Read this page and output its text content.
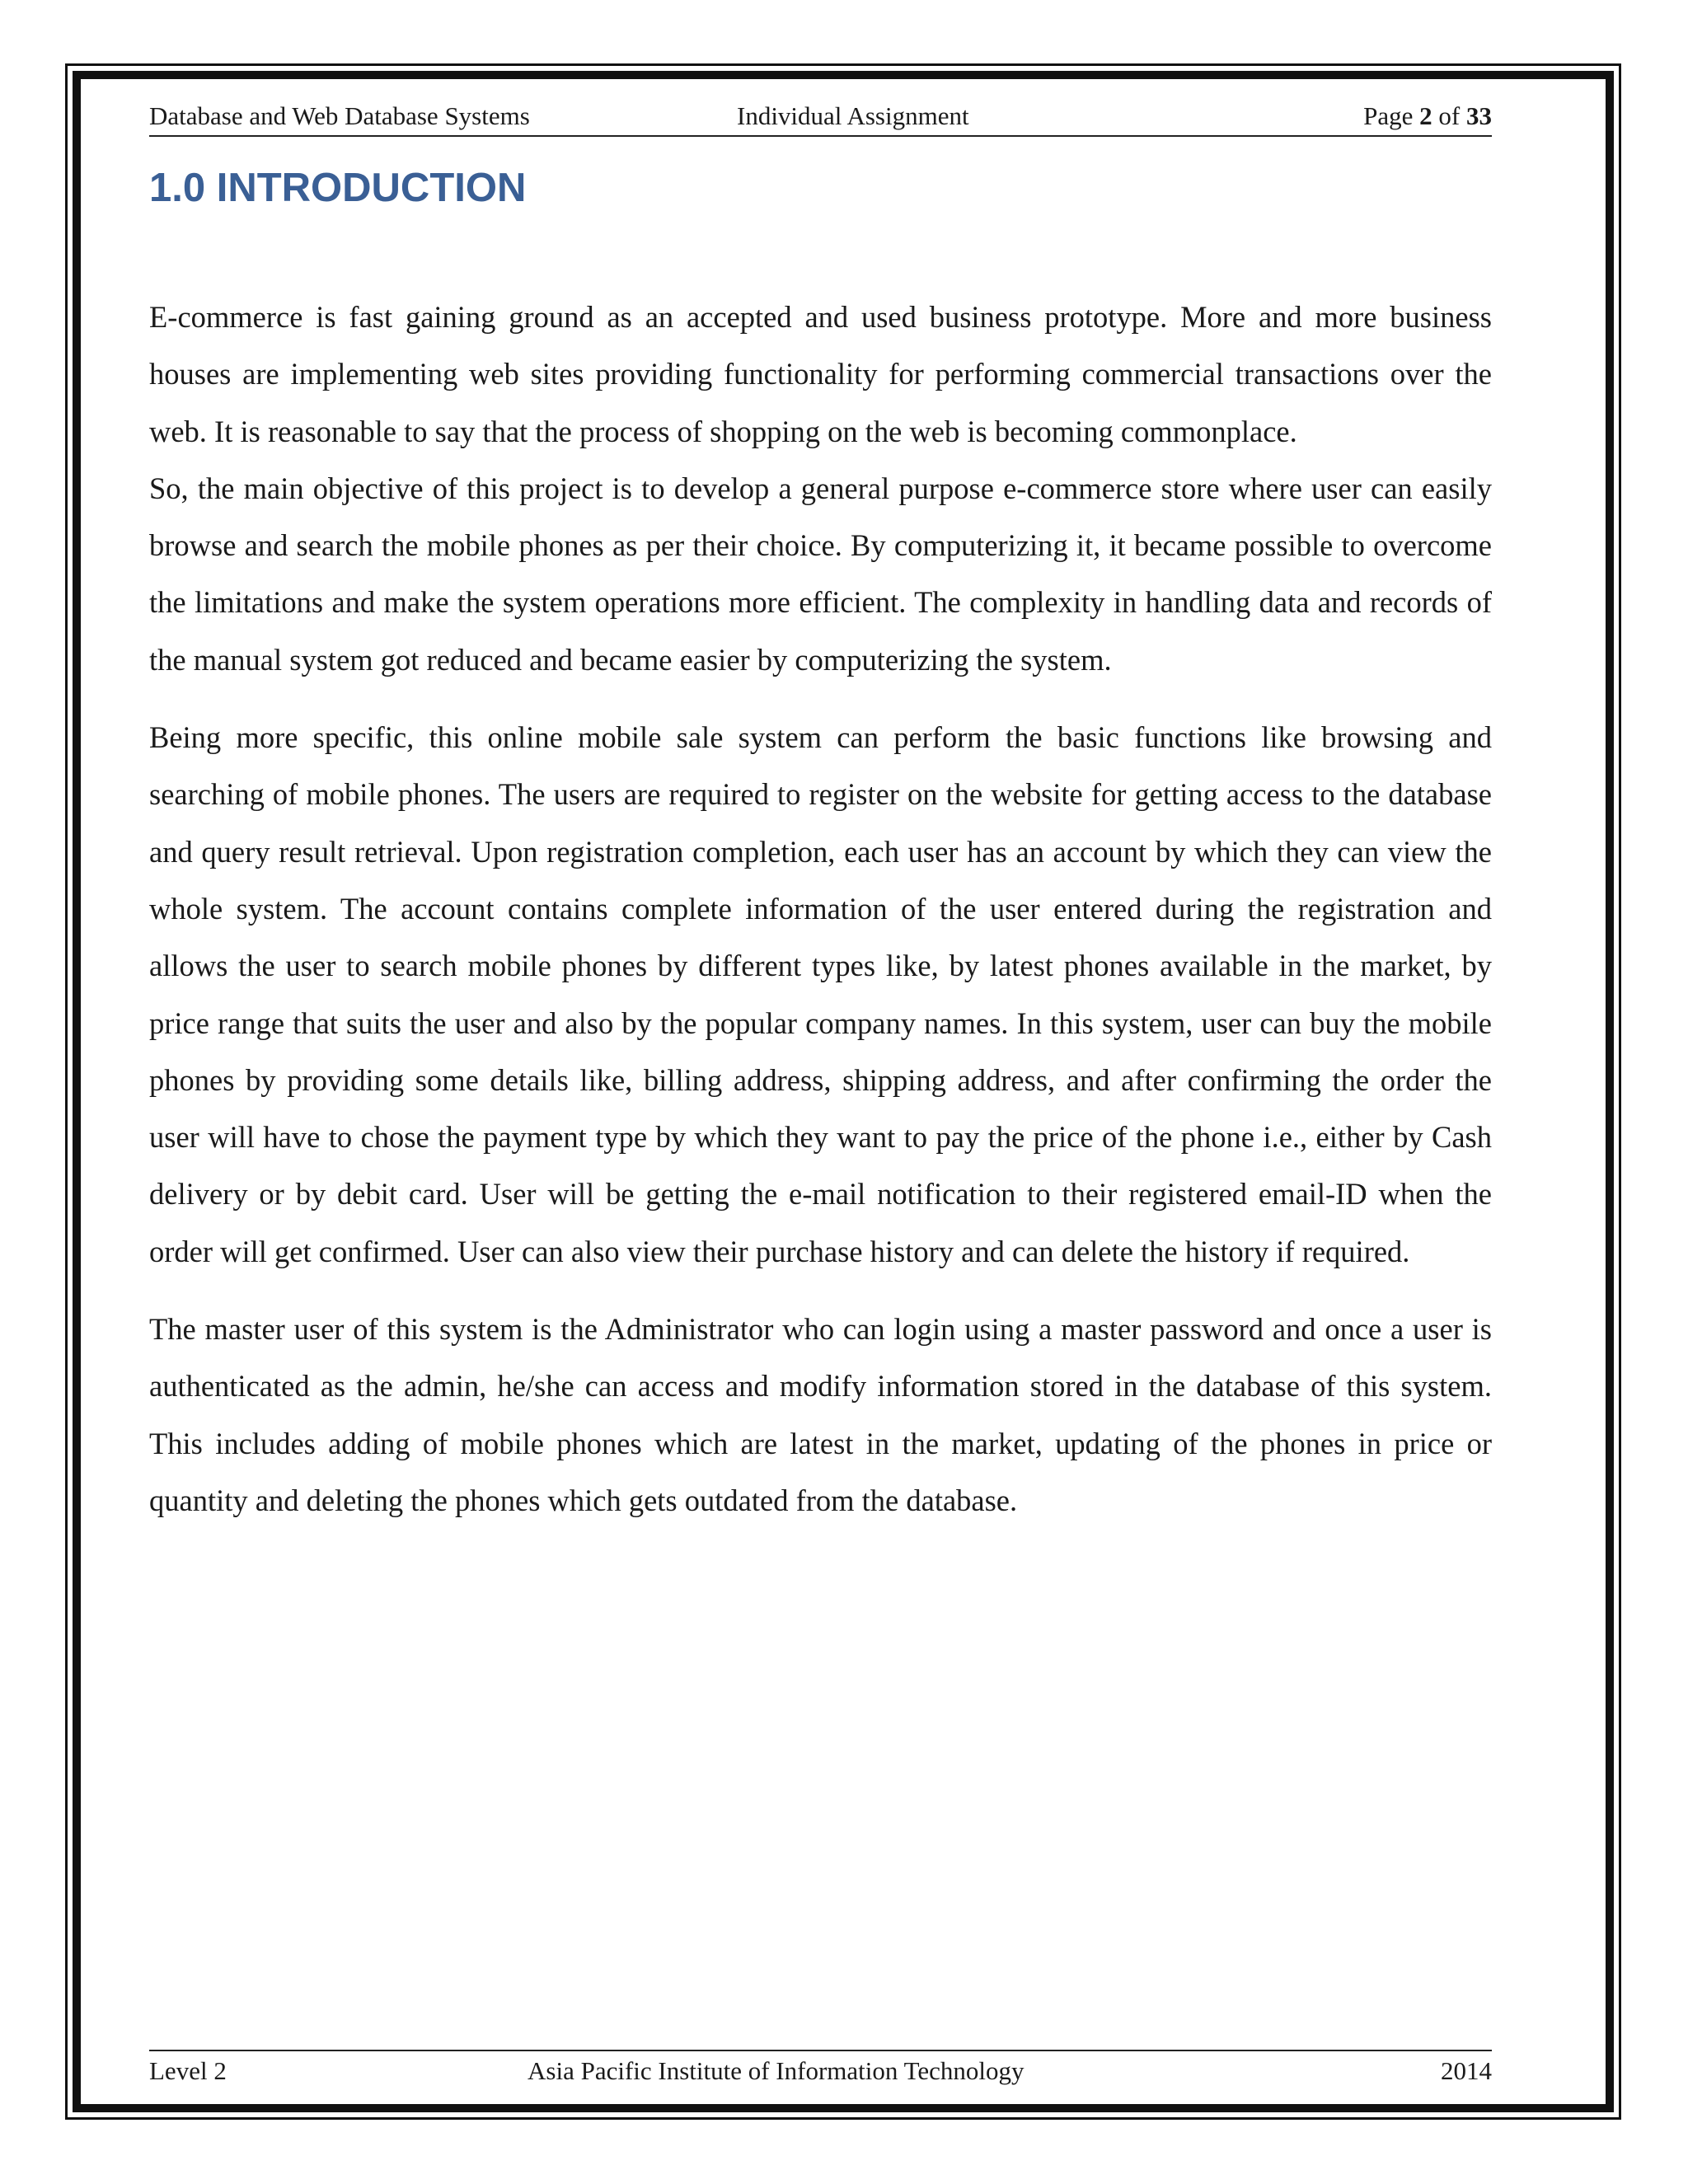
Database and Web Database Systems	Individual Assignment	Page 2 of 33
1.0 INTRODUCTION

E-commerce is fast gaining ground as an accepted and used business prototype. More and more business houses are implementing web sites providing functionality for performing commercial transactions over the web. It is reasonable to say that the process of shopping on the web is becoming commonplace.

So, the main objective of this project is to develop a general purpose e-commerce store where user can easily browse and search the mobile phones as per their choice. By computerizing it, it became possible to overcome the limitations and make the system operations more efficient. The complexity in handling data and records of the manual system got reduced and became easier by computerizing the system.

Being more specific, this online mobile sale system can perform the basic functions like browsing and searching of mobile phones. The users are required to register on the website for getting access to the database and query result retrieval. Upon registration completion, each user has an account by which they can view the whole system. The account contains complete information of the user entered during the registration and allows the user to search mobile phones by different types like, by latest phones available in the market, by price range that suits the user and also by the popular company names. In this system, user can buy the mobile phones by providing some details like, billing address, shipping address, and after confirming the order the user will have to chose the payment type by which they want to pay the price of the phone i.e., either by Cash delivery or by debit card. User will be getting the e-mail notification to their registered email-ID when the order will get confirmed. User can also view their purchase history and can delete the history if required.

The master user of this system is the Administrator who can login using a master password and once a user is authenticated as the admin, he/she can access and modify information stored in the database of this system. This includes adding of mobile phones which are latest in the market, updating of the phones in price or quantity and deleting the phones which gets outdated from the database.

Level 2	Asia Pacific Institute of Information Technology	2014
